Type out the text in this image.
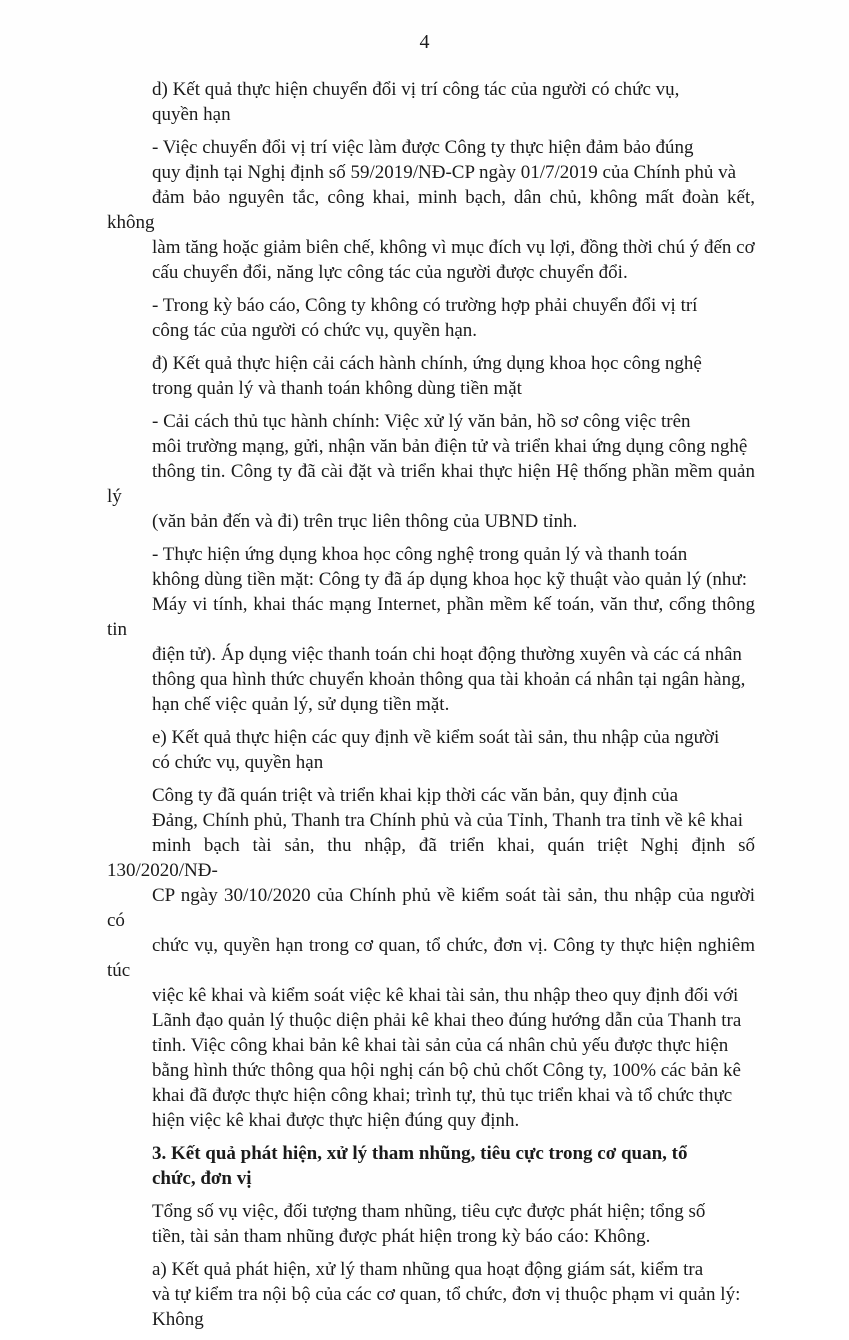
4

d) Kết quả thực hiện chuyển đổi vị trí công tác của người có chức vụ,
quyền hạn

- Việc chuyển đổi vị trí việc làm được Công ty thực hiện đảm bảo đúng
quy định tại Nghị định số 59/2019/NĐ-CP ngày 01/7/2019 của Chính phủ và
đảm bảo nguyên tắc, công khai, minh bạch, dân chủ, không mất đoàn kết, không
làm tăng hoặc giảm biên chế, không vì mục đích vụ lợi, đồng thời chú ý đến cơ
cấu chuyển đổi, năng lực công tác của người được chuyển đổi.

- Trong kỳ báo cáo, Công ty không có trường hợp phải chuyển đổi vị trí
công tác của người có chức vụ, quyền hạn.

đ) Kết quả thực hiện cải cách hành chính, ứng dụng khoa học công nghệ
trong quản lý và thanh toán không dùng tiền mặt

- Cải cách thủ tục hành chính: Việc xử lý văn bản, hồ sơ công việc trên
môi trường mạng, gửi, nhận văn bản điện tử và triển khai ứng dụng công nghệ
thông tin. Công ty đã cài đặt và triển khai thực hiện Hệ thống phần mềm quản lý
(văn bản đến và đi) trên trục liên thông của UBND tỉnh.

- Thực hiện ứng dụng khoa học công nghệ trong quản lý và thanh toán
không dùng tiền mặt: Công ty đã áp dụng khoa học kỹ thuật vào quản lý (như:
Máy vi tính, khai thác mạng Internet, phần mềm kế toán, văn thư, cổng thông tin
điện tử). Áp dụng việc thanh toán chi hoạt động thường xuyên và các cá nhân
thông qua hình thức chuyển khoản thông qua tài khoản cá nhân tại ngân hàng,
hạn chế việc quản lý, sử dụng tiền mặt.

e) Kết quả thực hiện các quy định về kiểm soát tài sản, thu nhập của người
có chức vụ, quyền hạn

Công ty đã quán triệt và triển khai kịp thời các văn bản, quy định của
Đảng, Chính phủ, Thanh tra Chính phủ và của Tỉnh, Thanh tra tỉnh về kê khai
minh bạch tài sản, thu nhập, đã triển khai, quán triệt Nghị định số 130/2020/NĐ-
CP ngày 30/10/2020 của Chính phủ về kiểm soát tài sản, thu nhập của người có
chức vụ, quyền hạn trong cơ quan, tổ chức, đơn vị. Công ty thực hiện nghiêm túc
việc kê khai và kiểm soát việc kê khai tài sản, thu nhập theo quy định đối với
Lãnh đạo quản lý thuộc diện phải kê khai theo đúng hướng dẫn của Thanh tra
tỉnh. Việc công khai bản kê khai tài sản của cá nhân chủ yếu được thực hiện
bằng hình thức thông qua hội nghị cán bộ chủ chốt Công ty, 100% các bản kê
khai đã được thực hiện công khai; trình tự, thủ tục triển khai và tổ chức thực
hiện việc kê khai được thực hiện đúng quy định.

3. Kết quả phát hiện, xử lý tham nhũng, tiêu cực trong cơ quan, tổ
chức, đơn vị

Tổng số vụ việc, đối tượng tham nhũng, tiêu cực được phát hiện; tổng số
tiền, tài sản tham nhũng được phát hiện trong kỳ báo cáo: Không.

a) Kết quả phát hiện, xử lý tham nhũng qua hoạt động giám sát, kiểm tra
và tự kiểm tra nội bộ của các cơ quan, tổ chức, đơn vị thuộc phạm vi quản lý:
Không
